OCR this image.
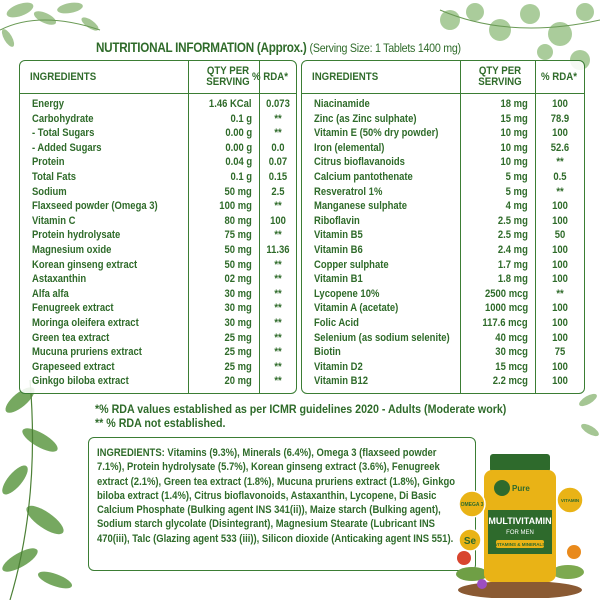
NUTRITIONAL INFORMATION (Approx.) (Serving Size: 1 Tablets 1400 mg)
INGREDIENTS	QTY PER
SERVING % RDA*
Energy	1.46 KCal	0.073
Carbohydrate	0.1 g	**
- Total Sugars	0.00 g	**
- Added Sugars	0.00 g	0.0
Protein	0.04 g	0.07
Total Fats	0.1 g	0.15
Sodium	50 mg	2.5
Flaxseed powder (Omega 3)	100 mg	**
Vitamin C	80 mg	100
Protein hydrolysate	75 mg	**
Magnesium oxide	50 mg	11.36
Korean ginseng extract	50 mg	**
Astaxanthin	02 mg	**
Alfa alfa	30 mg	**
Fenugreek extract	30 mg	**
Moringa oleifera extract	30 mg	**
Green tea extract	25 mg	**
Mucuna pruriens extract	25 mg	**
Grapeseed extract	25 mg	**
Ginkgo biloba extract	20 mg	**
INGREDIENTS	QTY PER
SERVING	% RDA*
Niacinamide	18 mg	100
Zinc (as Zinc sulphate)	15 mg	78.9
Vitamin E (50% dry powder)	10 mg	100
Iron (elemental)	10 mg	52.6
Citrus bioflavanoids	10 mg	**
Calcium pantothenate	5 mg	0.5
Resveratrol 1%	5 mg	**
Manganese sulphate	4 mg	100
Riboflavin	2.5 mg	100
Vitamin B5	2.5 mg	50
Vitamin B6	2.4 mg	100
Copper sulphate	1.7 mg	100
Vitamin B1	1.8 mg	100
Lycopene 10%	2500 mcg	**
Vitamin A (acetate)	1000 mcg	100
Folic Acid	117.6 mcg	100
Selenium (as sodium selenite)	40 mcg	100
Biotin	30 mcg	75
Vitamin D2	15 mcg	100
Vitamin B12	2.2 mcg	100
*% RDA values established as per ICMR guidelines 2020 - Adults (Moderate work)
** % RDA not established.
INGREDIENTS: Vitamins (9.3%), Minerals (6.4%), Omega 3 (flaxseed powder 7.1%), Protein hydrolysate (5.7%), Korean ginseng extract (3.6%), Fenugreek extract (2.1%), Green tea extract (1.8%), Mucuna pruriens extract (1.8%), Ginkgo biloba extract (1.4%), Citrus bioflavonoids, Astaxanthin, Lycopene, Di Basic Calcium Phosphate (Bulking agent INS 341(ii)), Maize starch (Bulking agent), Sodium starch glycolate (Disintegrant), Magnesium Stearate (Lubricant INS 470(iii), Talc (Glazing agent 533 (iii)), Silicon dioxide (Anticaking agent INS 551).
Pure
MULTIVITAMIN
FOR MEN
VITAMINS & MINERALS
OMEGA 3
VITAMIN
Se
